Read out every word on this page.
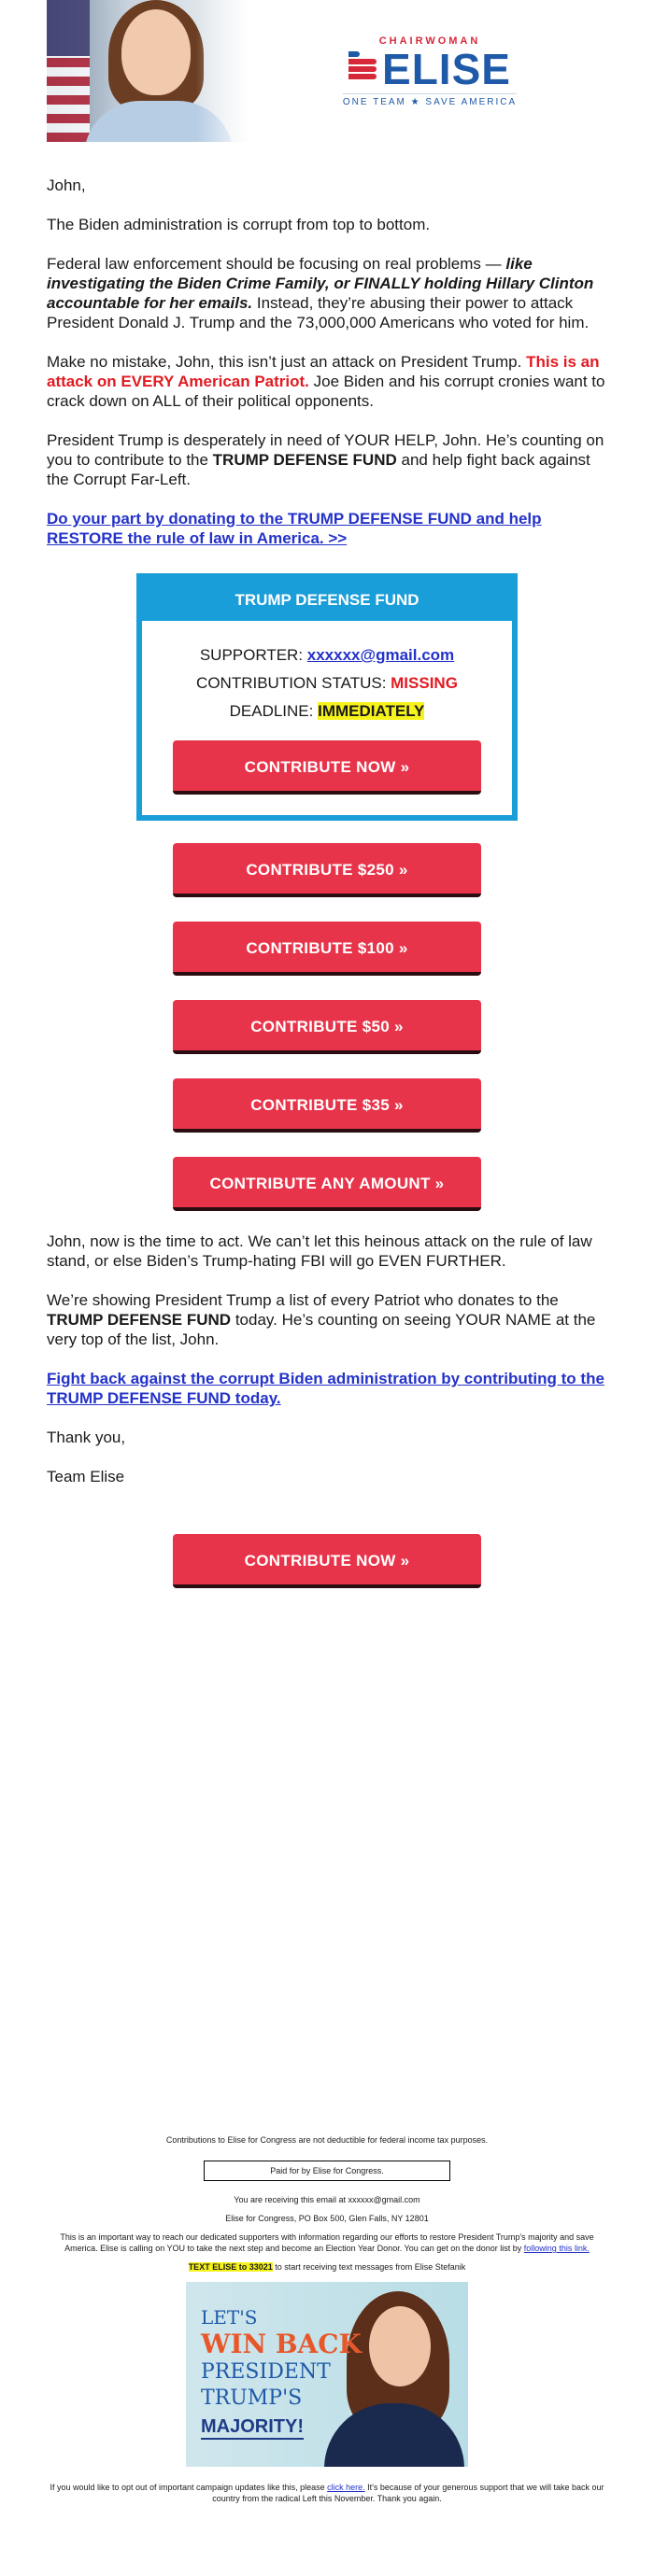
CHAIRWOMAN
ELISE
ONE TEAM ★ SAVE AMERICA

John,

The Biden administration is corrupt from top to bottom.

Federal law enforcement should be focusing on real problems — like investigating the Biden Crime Family, or FINALLY holding Hillary Clinton accountable for her emails. Instead, they’re abusing their power to attack President Donald J. Trump and the 73,000,000 Americans who voted for him.

Make no mistake, John, this isn’t just an attack on President Trump. This is an attack on EVERY American Patriot. Joe Biden and his corrupt cronies want to crack down on ALL of their political opponents.

President Trump is desperately in need of YOUR HELP, John. He’s counting on you to contribute to the TRUMP DEFENSE FUND and help fight back against the Corrupt Far-Left.

Do your part by donating to the TRUMP DEFENSE FUND and help RESTORE the rule of law in America. >>

TRUMP DEFENSE FUND
SUPPORTER: xxxxxx@gmail.com
CONTRIBUTION STATUS: MISSING
DEADLINE: IMMEDIATELY
CONTRIBUTE NOW »
CONTRIBUTE $250 »
CONTRIBUTE $100 »
CONTRIBUTE $50 »
CONTRIBUTE $35 »
CONTRIBUTE ANY AMOUNT »

John, now is the time to act. We can’t let this heinous attack on the rule of law stand, or else Biden’s Trump-hating FBI will go EVEN FURTHER.

We’re showing President Trump a list of every Patriot who donates to the TRUMP DEFENSE FUND today. He’s counting on seeing YOUR NAME at the very top of the list, John.

Fight back against the corrupt Biden administration by contributing to the TRUMP DEFENSE FUND today.

Thank you,

Team Elise

CONTRIBUTE NOW »
Contributions to Elise for Congress are not deductible for federal income tax purposes.
Paid for by Elise for Congress.
You are receiving this email at xxxxxx@gmail.com
Elise for Congress, PO Box 500, Glen Falls, NY 12801
This is an important way to reach our dedicated supporters with information regarding our efforts to restore President Trump's majority and save America. Elise is calling on YOU to take the next step and become an Election Year Donor. You can get on the donor list by following this link.
TEXT ELISE to 33021 to start receiving text messages from Elise Stefanik
LET'S
WIN BACK
PRESIDENT
TRUMP'S
MAJORITY!
If you would like to opt out of important campaign updates like this, please click here. It's because of your generous support that we will take back our country from the radical Left this November. Thank you again.
